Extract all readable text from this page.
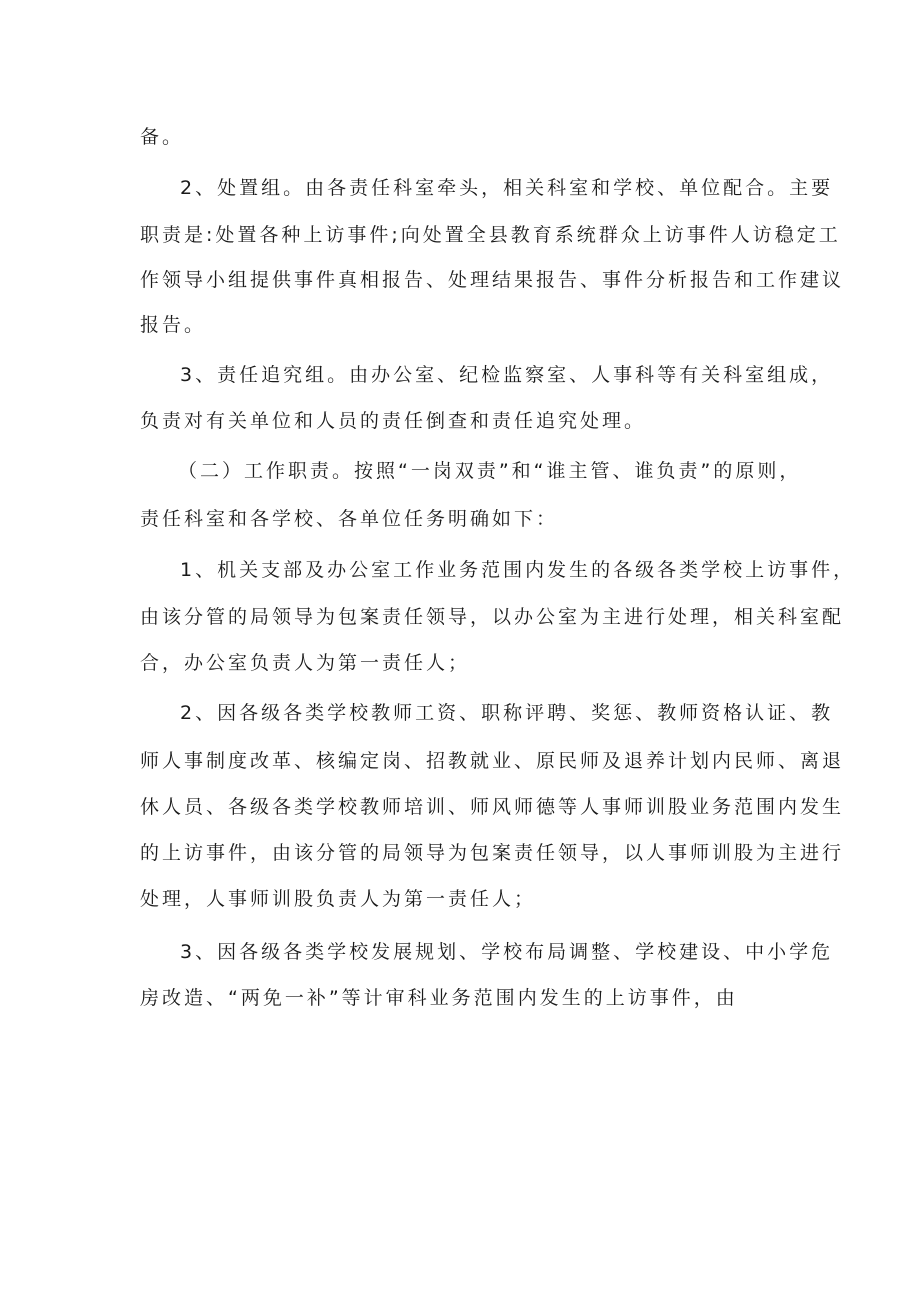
备。
2、处置组。由各责任科室牵头，相关科室和学校、单位配合。主要
职责是:处置各种上访事件;向处置全县教育系统群众上访事件人访稳定工
作领导小组提供事件真相报告、处理结果报告、事件分析报告和工作建议
报告。
3、责任追究组。由办公室、纪检监察室、人事科等有关科室组成，
负责对有关单位和人员的责任倒查和责任追究处理。
（二）工作职责。按照“一岗双责”和“谁主管、谁负责”的原则，
责任科室和各学校、各单位任务明确如下：
1、机关支部及办公室工作业务范围内发生的各级各类学校上访事件，
由该分管的局领导为包案责任领导，以办公室为主进行处理，相关科室配
合，办公室负责人为第一责任人；
2、因各级各类学校教师工资、职称评聘、奖惩、教师资格认证、教
师人事制度改革、核编定岗、招教就业、原民师及退养计划内民师、离退
休人员、各级各类学校教师培训、师风师德等人事师训股业务范围内发生
的上访事件，由该分管的局领导为包案责任领导，以人事师训股为主进行
处理，人事师训股负责人为第一责任人；
3、因各级各类学校发展规划、学校布局调整、学校建设、中小学危
房改造、“两免一补”等计审科业务范围内发生的上访事件，由
